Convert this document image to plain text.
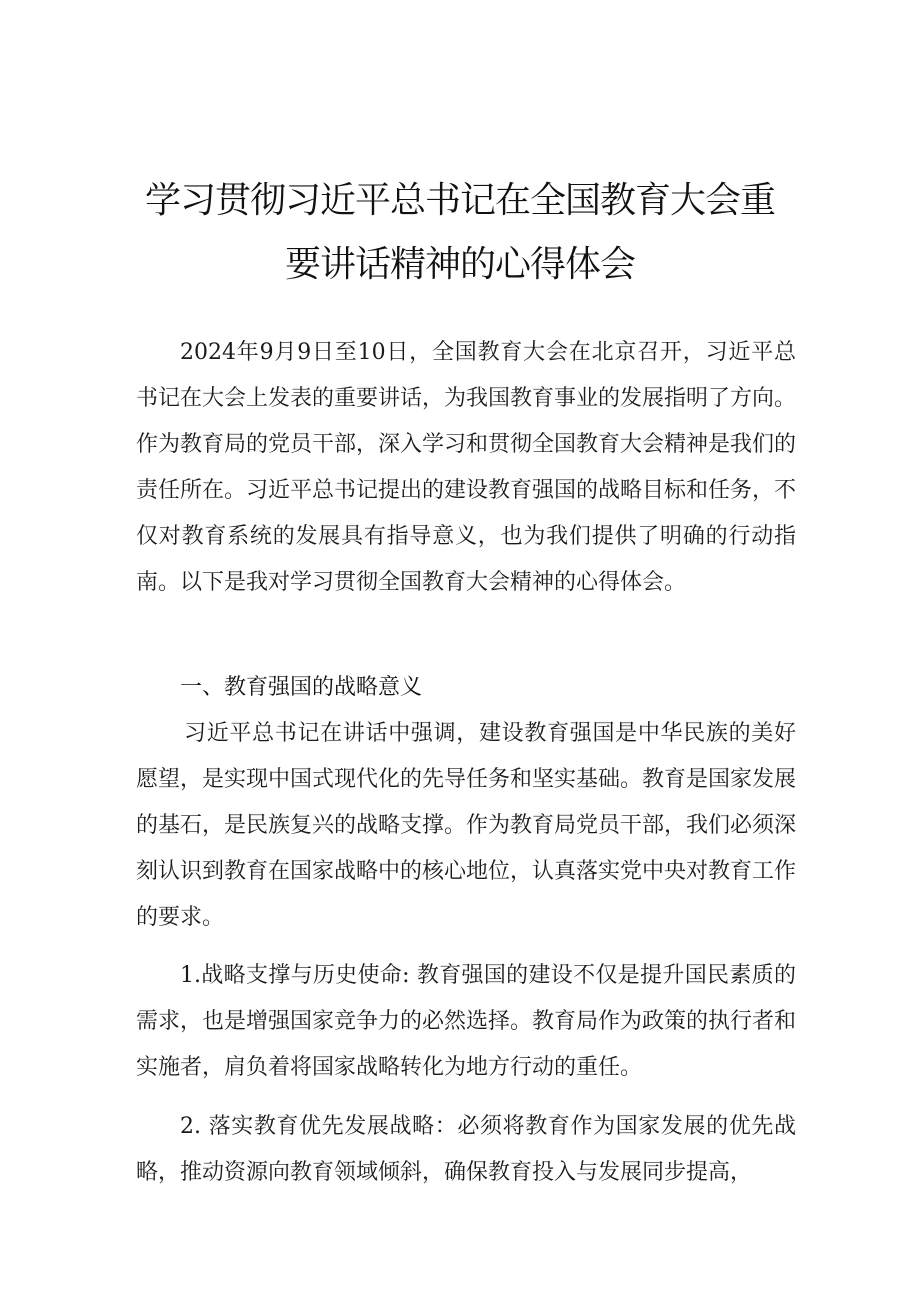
学习贯彻习近平总书记在全国教育大会重
要讲话精神的心得体会
2024年9月9日至10日，全国教育大会在北京召开，习近平总书记在大会上发表的重要讲话，为我国教育事业的发展指明了方向。作为教育局的党员干部，深入学习和贯彻全国教育大会精神是我们的责任所在。习近平总书记提出的建设教育强国的战略目标和任务，不仅对教育系统的发展具有指导意义，也为我们提供了明确的行动指南。以下是我对学习贯彻全国教育大会精神的心得体会。
一、教育强国的战略意义
习近平总书记在讲话中强调，建设教育强国是中华民族的美好愿望，是实现中国式现代化的先导任务和坚实基础。教育是国家发展的基石，是民族复兴的战略支撑。作为教育局党员干部，我们必须深刻认识到教育在国家战略中的核心地位，认真落实党中央对教育工作的要求。
1.战略支撑与历史使命: 教育强国的建设不仅是提升国民素质的需求，也是增强国家竞争力的必然选择。教育局作为政策的执行者和实施者，肩负着将国家战略转化为地方行动的重任。
2. 落实教育优先发展战略：必须将教育作为国家发展的优先战略，推动资源向教育领域倾斜，确保教育投入与发展同步提高，
